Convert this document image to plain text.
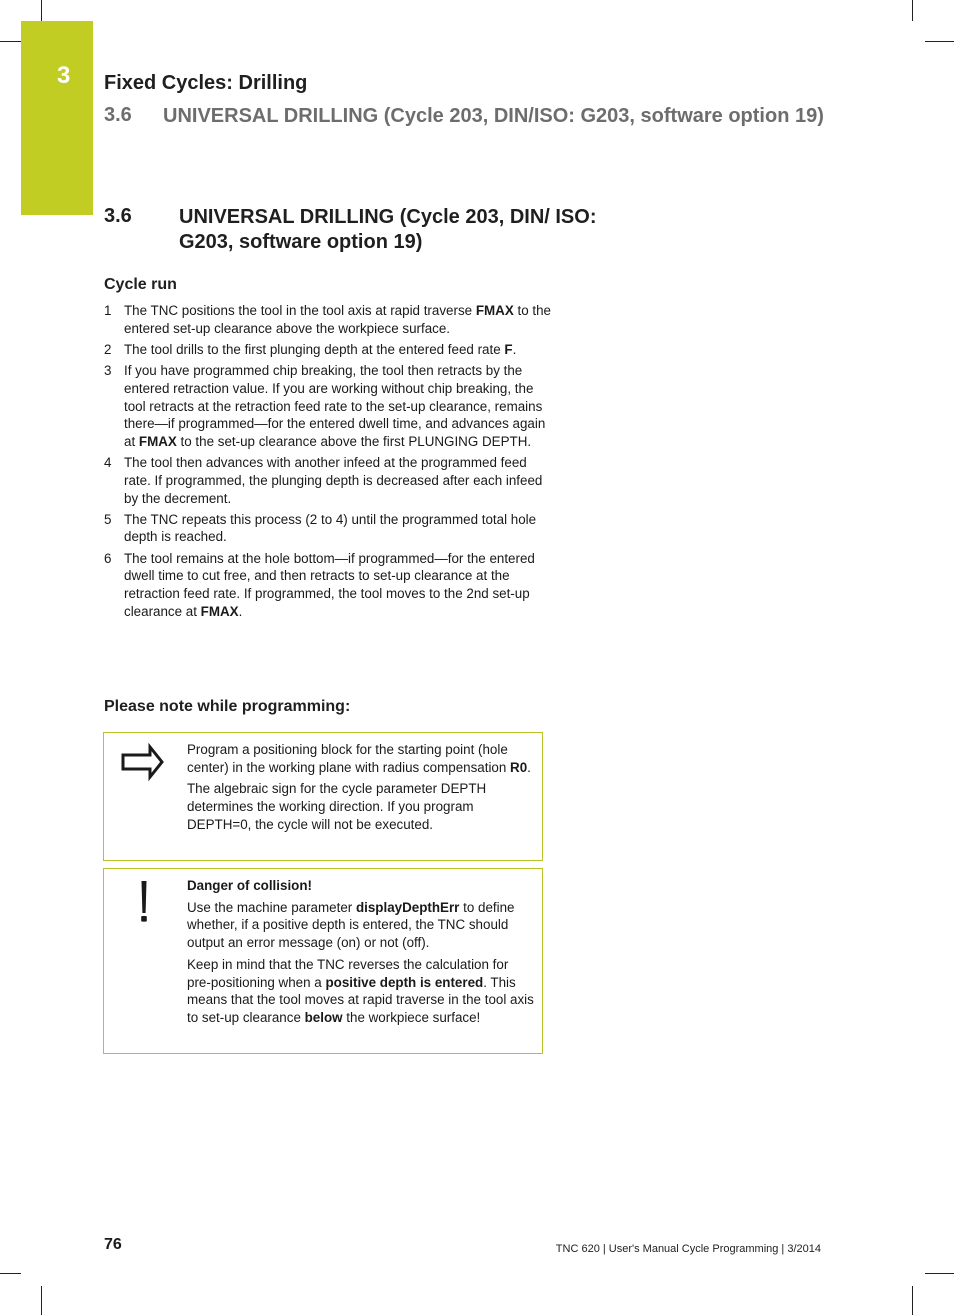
3 Fixed Cycles: Drilling
3.6 UNIVERSAL DRILLING (Cycle 203, DIN/ISO: G203, software option 19)
3.6 UNIVERSAL DRILLING (Cycle 203, DIN/ ISO: G203, software option 19)
Cycle run
1 The TNC positions the tool in the tool axis at rapid traverse FMAX to the entered set-up clearance above the workpiece surface.
2 The tool drills to the first plunging depth at the entered feed rate F.
3 If you have programmed chip breaking, the tool then retracts by the entered retraction value. If you are working without chip breaking, the tool retracts at the retraction feed rate to the set-up clearance, remains there—if programmed—for the entered dwell time, and advances again at FMAX to the set-up clearance above the first PLUNGING DEPTH.
4 The tool then advances with another infeed at the programmed feed rate. If programmed, the plunging depth is decreased after each infeed by the decrement.
5 The TNC repeats this process (2 to 4) until the programmed total hole depth is reached.
6 The tool remains at the hole bottom—if programmed—for the entered dwell time to cut free, and then retracts to set-up clearance at the retraction feed rate. If programmed, the tool moves to the 2nd set-up clearance at FMAX.
Please note while programming:

Program a positioning block for the starting point (hole center) in the working plane with radius compensation R0.

The algebraic sign for the cycle parameter DEPTH determines the working direction. If you program DEPTH=0, the cycle will not be executed.

Danger of collision!

Use the machine parameter displayDepthErr to define whether, if a positive depth is entered, the TNC should output an error message (on) or not (off).

Keep in mind that the TNC reverses the calculation for pre-positioning when a positive depth is entered. This means that the tool moves at rapid traverse in the tool axis to set-up clearance below the workpiece surface!

76	TNC 620 | User's Manual Cycle Programming | 3/2014
